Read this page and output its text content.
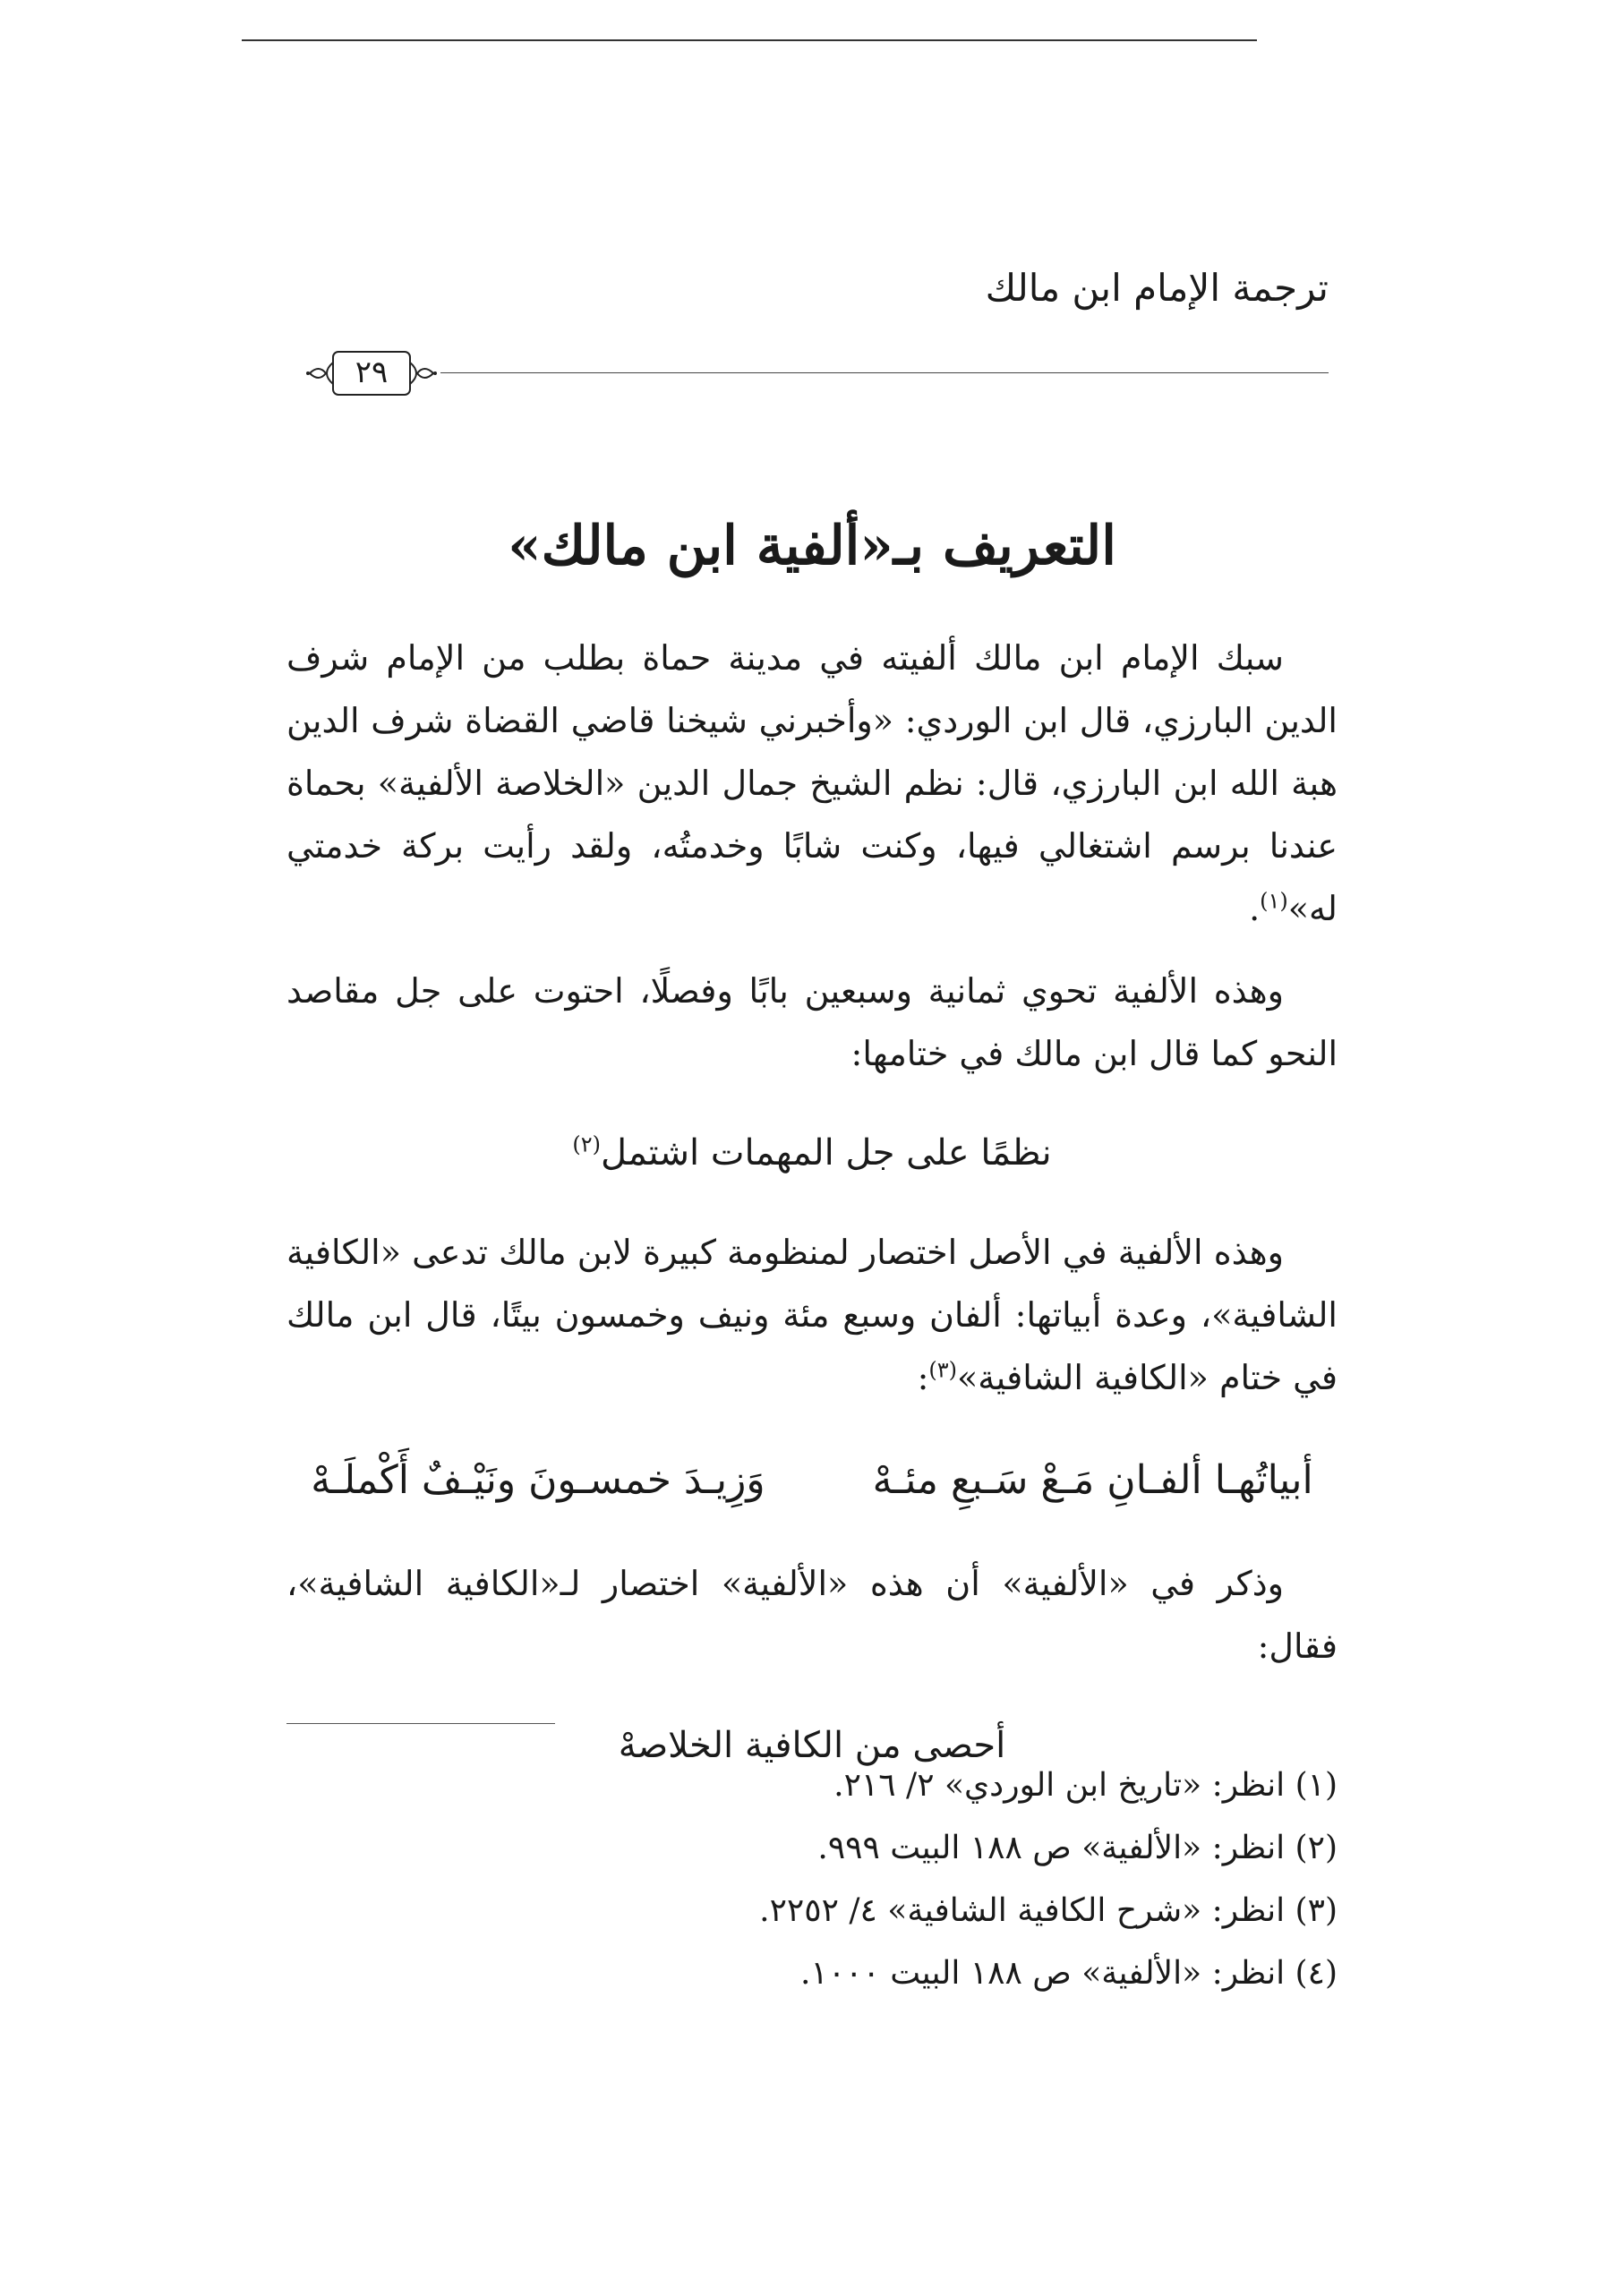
ترجمة الإمام ابن مالك
٢٩
التعريف بـ«ألفية ابن مالك»

سبك الإمام ابن مالك ألفيته في مدينة حماة بطلب من الإمام شرف الدين البارزي، قال ابن الوردي: «وأخبرني شيخنا قاضي القضاة شرف الدين هبة الله ابن البارزي، قال: نظم الشيخ جمال الدين «الخلاصة الألفية» بحماة عندنا برسم اشتغالي فيها، وكنت شابًا وخدمتُه، ولقد رأيت بركة خدمتي له»$^{(١)}$.

وهذه الألفية تحوي ثمانية وسبعين بابًا وفصلًا، احتوت على جل مقاصد النحو كما قال ابن مالك في ختامها:

نظمًا على جل المهمات اشتمل$^{(٢)}$

وهذه الألفية في الأصل اختصار لمنظومة كبيرة لابن مالك تدعى «الكافية الشافية»، وعدة أبياتها: ألفان وسبع مئة ونيف وخمسون بيتًا، قال ابن مالك في ختام «الكافية الشافية»$^{(٣)}$:

أبياتُهـا ألفـانِ مَـعْ سَـبعِ مئـهْ
وَزِيـدَ خمسـونَ ونَيْـفٌ أَكْملَـهْ

وذكر في «الألفية» أن هذه «الألفية» اختصار لـ«الكافية الشافية»، فقال:

أحصى من الكافية الخلاصهْ

(١) انظر: «تاريخ ابن الوردي» ٢/ ٢١٦.

(٢) انظر: «الألفية» ص ١٨٨ البيت ٩٩٩.

(٣) انظر: «شرح الكافية الشافية» ٤/ ٢٢٥٢.

(٤) انظر: «الألفية» ص ١٨٨ البيت ١٠٠٠.
